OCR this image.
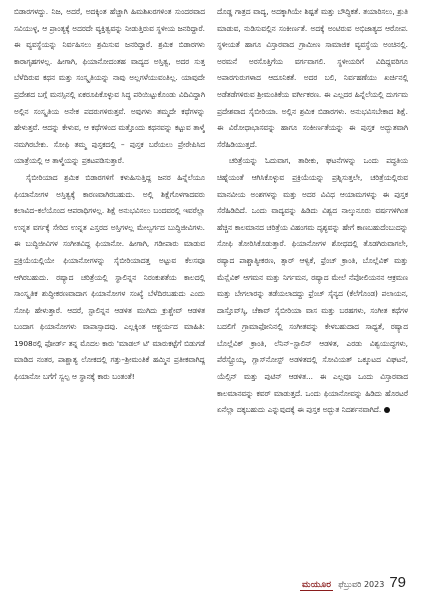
ಬಿಡಾರಗಳದ್ದು. ನಿಜ, ಅದರೆ, ಅದಕ್ಕಿಂತ ಹೆಚ್ಚಾಗಿ ಹಿಮಶಿಖರಗಳಿಂತ ಸುಂದರವಾದ ಸವಿಯುಳ್ಳ, ಆ ಪ್ರಾಂತ್ಯಕ್ಕೆ ಅದರದೇ ವ್ಯಕ್ತಿತ್ವವನ್ನು ನೀಡುತ್ತಿರುವ ಸ್ಥಳೀಯ ಜನರಿದ್ದಾರೆ. ಈ ವ್ಯವಸ್ಥೆಯನ್ನು ನಿರ್ವಹಿಸಲು ಶ್ರಮಿಸುವ ಜನರಿದ್ದಾರೆ. ಶ್ರಮಿಕ ಬಿಡಾರಗಳು ಕಾರಾಗೃಹಗಳಲ್ಲ. ಹೀಗಾಗಿ, ಫಿಯಾನೋದಂತಹ ವಾದ್ಯದ ಅಸ್ತಿತ್ವ, ಅದರ ಸುತ್ತ ಬೆಳೆದಿರುವ ಕಥನ ಮತ್ತು ಸಂಸ್ಕೃತಿಯನ್ನು ನಾವು ಅಲ್ಲಗಳೆಯುವಂತಿಲ್ಲ. ಯಾವುದೇ ಪ್ರದೇಶದ ಬಗ್ಗೆ ಮನಸ್ಸಿನಲ್ಲಿ ಏಕರೂಪಿಕೊಳ್ಳುವ ಸಿದ್ಧ ಪರಿಯಿಟ್ಟುಕೊಂಡು ವಿದಿವಿದ್ದಾಗಿ ಅಲ್ಲಿನ ಸಂಸ್ಕೃತಿಯ ಅನೇಕ ಪದರುಗಳಿರುತ್ತವೆ. ಅವುಗಳು ತಮ್ಮದೇ ಕಥೆಗಳನ್ನು ಹೇಳುತ್ತವೆ. ಆದನ್ನು ಕೇಳುವ, ಆ ಕಥೆಗಳಿಂದ ಮತ್ತೊಂದು ಕಥನವನ್ನು ಕಟ್ಟುವ ತಾಳ್ಮೆ ನಮಗಿರಬೇಕು. ಸೋಫಿ ತಮ್ಮ ಪುಸ್ತಕದಲ್ಲಿ – ಪುಸ್ತಕ ಬರೆಯಲು ಪ್ರೇರೇಪಿಸಿದ ಯಾತ್ರೆಯಲ್ಲಿ ಆ ತಾಳ್ಮೆಯನ್ನು ಪ್ರಕಟಪಡಿಸುತ್ತಾರೆ.

ಸೈಬೀರಿಯಾದ ಶ್ರಮಿಕ ಬಿಡಾರಗಳಿಗೆ ಕಳುಹಿಸುತ್ತಿದ್ದ ಜನರ ಹಿನ್ನೆಲೆಯೂ ಫಿಯಾನೋಗಳ ಅಸ್ತಿತ್ವಕ್ಕೆ ಕಾರಣವಾಗಿರಬಹುದು. ಅಲ್ಲಿ ಶಿಕ್ಷೆಗೊಳಗಾದವರು ಕಲಾವಿದ–ಕಲೆಯೊಂದ ಆಪರಾಧಿಗಳಲ್ಲ. ಶಿಕ್ಷೆ ಅನುಭವಿಸಲು ಬಂದವರಲ್ಲಿ ಇವರೆಲ್ಲಾ ಉನ್ನತ ವರ್ಗಕ್ಕೆ ಸೇರಿದ ಉನ್ನತ ಎಸ್ತರದ ಅಸ್ತಿಗಳಲ್ಲ ಮೇಲ್ವರ್ಗದ ಬುದ್ಧಿಜೀವಿಗಳು. ಈ ಬುದ್ಧಿಜೀವಿಗಳ ಸಂಗೀತವಿದ್ದ ಫಿಯಾನೋ. ಹೀಗಾಗಿ, ಗಡೀಪಾರು ಮಾಡುವ ಪ್ರಕ್ರಿಯೆಯಲ್ಲಿಯೇ ಫಿಯಾನೋಗಳನ್ನು ಸೈಬೀರಿಯಾದತ್ತ ಅಟ್ಟುವ ಕೆಲಸವೂ ಆಗಿರಬಹುದು. ರಷ್ಯಾದ ಚರಿತ್ರೆಯಲ್ಲಿ ಸ್ಥಾಲಿನ್ನನ ನಿರಂಕುಶತೆಯ ಕಾಲದಲ್ಲಿ ಸಾಂಸ್ಕೃತಿಕ ಶುದ್ಧೀಕರಣವಾದಾಗ ಫಿಯಾನೋಗಳ ಸಂಖ್ಯೆ ಬೆಳೆದಿರಬಹುದು ಎಂದು ಸೋಫಿ ಹೇಳುತ್ತಾರೆ. ಆದರೆ, ಸ್ಟಾಲಿನ್ನನ ಆಡಳಿತ ಮುಗಿದು ಕ್ರುಶ್ಚೇವ್ ಆಡಳಿತ ಬಂದಾಗ ಫಿಯಾನೋಗಳು ವಾಪಾಸ್ಸಾದವು. ಎಲ್ಲಕ್ಕಿಂತ ಆಶ್ಚರ್ಯದ ಮಾಹಿತಿ: 1908ರಲ್ಲಿ ಫೋರ್ಡ್‌ ತನ್ನ ಮೊದಲ ಕಾರು 'ಮಾಡಲ್ ಟಿ' ಮಾರುಕಟ್ಟೆಗೆ ಬಿಡುಗಡೆ ಮಾಡಿದ ನಂತರ, ಪಾಶ್ಚಾತ್ಯ ಲೋಕದಲ್ಲಿ ಗತ್ತು–ಶ್ರೀಮಂತಿಕೆ ಹಮ್ಮಿನ ಪ್ರತೀಕವಾಗಿದ್ದ ಫಿಯಾನೋ ಬಗೆಗೆ ಸ್ವಲ್ಪ ಆ ಸ್ಥಾನಕ್ಕೆ ಕಾರು ಬಂತಂತೆ!

ದೊಡ್ಡ ಗಾತ್ರದ ವಾದ್ಯ, ಅದಕ್ಕಾಗಿಯೇ ಶಿಷ್ಟತೆ ಮತ್ತು ಬೌದ್ಧಿಕತೆ. ತಯಾರಿಸಲು, ಶ್ರುತಿ ಮಾಡುವ, ನುಡಿಸುವಲ್ಲಿನ ಸಂಕೀರ್ಣತೆ. ಅದಕ್ಕೆ ಅಂಟಿರುವ ಅಭಿಜಾತ್ಯದ ಆರೋಪ. ಸ್ಥಳೀಯತೆ ಹಾಗೂ ವಿಸ್ತಾರವಾದ ಗ್ರಾಮೀಣ ಸಾಮಾಜಿಕ ವ್ಯವಸ್ಥೆಯ ಅಂಚಿನಲ್ಲಿ. ಅರಮನೆ ಅರಸೊತ್ತಿಗೆಯ ವರ್ಗವಾಗಲಿ. ಸ್ಥಳೀಯರಿಗೆ ವಿದಿದ್ದವರಿಗೂ ಅಪಾರಗುರುಗಳಾದ ಆದೂನಿಕತೆ. ಅದರ ಬಲಿ, ನಿರ್ವಹಣೆಯು ಖರ್ಚಿನಲ್ಲಿ ಅಡೆತಡೆಗಳಿರುವ ಶ್ರೀಮಂತಿಕೆಯ ವರ್ಗೀಕರಣ. ಈ ಎಲ್ಲದರ ಹಿನ್ನೆಲೆಯಲ್ಲಿ ದುರ್ಗಮ ಪ್ರದೇಶವಾದ ಸೈಬೀರಿಯಾ. ಅಲ್ಲಿನ ಶ್ರಮಿಕ ಬಿಡಾರಗಳು. ಅನುಭವಿಸಬೇಕಾದ ಶಿಕ್ಷೆ. ಈ ವಿರೋಧಾಭಾಸವನ್ನು ಹಾಗೂ ಸಂಕೀರ್ಣತೆಯನ್ನು ಈ ಪುಸ್ತಕ ಅದ್ಭುತವಾಗಿ ಸೆರೆಹಿಡಿಯುತ್ತದೆ.

ಚರಿತ್ರೆಯನ್ನು ಓದುವಾಗ, ತಾರೀಕು, ಘಟನೆಗಳನ್ನು ಒಂದು ಪದ್ಧತಿಯ ಚಿಹ್ನೆಯಂತೆ ಆಗಿಸಿಕೊಳ್ಳುವ ಪ್ರಕ್ರಿಯೆಯನ್ನು ಪ್ರಶ್ನಿಸುತ್ತಲೇ, ಚರಿತ್ರೆಯಲ್ಲಿರುವ ಮಾನವೀಯ ಅಂಶಗಳನ್ನು ಮತ್ತು ಅದರ ವಿವಿಧ ಆಯಾಮಗಳನ್ನು ಈ ಪುಸ್ತಕ ಸೆರೆಹಿಡಿದಿದೆ. ಒಂದು ವಾದ್ಯವನ್ನು ಹಿಡಿದು ವಿಶ್ವದ ನಾಲ್ಕುನೂರು ವರ್ಷಗಳಿಗಿಂತ ಹೆಚ್ಚಿನ ಕಾಲಮಾನದ ಚರಿತ್ರೆಯ ವಿಹಂಗಮ ದೃಶ್ಯವನ್ನು ಹೇಗೆ ಕಾಣಬಹುದೆಂಬುದನ್ನು ಸೋಫಿ ತೋರಿಸಿಕೊಡುತ್ತಾರೆ. ಫಿಯಾನೋಗಳ ಶೋಧದಲ್ಲಿ ತೊಡಗಿರುವಾಗಲೇ, ರಷ್ಯಾದ ಪಾಶ್ಚಾತ್ಯೀಕರಣ, ತ್ಸಾರ್ ಆಳ್ವಿಕೆ, ಫ್ರೆಂಚ್ ಕ್ರಾಂತಿ, ಬೊಲ್ಲೆವಿಕ್ ಮತ್ತು ಮೆನ್ಷೆವಿಕ್ ಆಗಮನ ಮತ್ತು ನಿರ್ಗಮನ, ರಷ್ಯಾದ ಮೇಲೆ ನೆಪೋಲಿಯನನ ಆಕ್ರಮಣ ಮತ್ತು ಬೇಗಲಾರನ್ನು ತಡೆಯಲಾದದ್ದು ಫ್ರೆಂಚ್ ಸೈನ್ಯದ (ಕೆಲೆಗೊಂಡ) ಪಲಾಯನ, ದಾಸ್ತೊವ್‌ಸ್ಕಿ, ಚೆಕಾವ್ ಸೈಬೀರಿಯಾ ವಾಸ ಮತ್ತು ಬರಹಗಳು, ಸಂಗೀತ ಕಥೆಗಳ ಬದಲಿಗೆ ಗ್ರಾಮಾಫೋನಿನಲ್ಲಿ ಸಂಗೀತವನ್ನು ಕೇಳಬಹುದಾದ ಸಾಧ್ಯತೆ, ರಷ್ಯಾದ ಬೊಲ್ಲೆವಿಕ್ ಕ್ರಾಂತಿ, ಲೆನಿನ್–ಸ್ಟಾಲಿನ್ ಆಡಳಿತ, ಎರಡು ವಿಶ್ವಯುದ್ಧಗಳು, ಪೆರೆಸ್ಟ್ರೊಯ್ಕ, ಗ್ಲಾಸ್‌ನೋಸ್ಟ್ ಅಡಳಿತದಲ್ಲಿ ಸೋವಿಯತ್ ಒಕ್ಕೂಟದ ವಿಘಟನೆ, ಯೆಲ್ಸಿನ್ ಮತ್ತು ಪುಟಿನ್ ಆಡಳಿತ... ಈ ಎಲ್ಲವೂ ಒಂದು ವಿಸ್ತಾರವಾದ ಕಾಲಮಾನವನ್ನು ಕವರ್ ಮಾಡುತ್ತದೆ. ಒಂದು ಫಿಯಾನೋವನ್ನು ಹಿಡಿದು ಹೊರಟರೆ ಏನೆಲ್ಲಾ ದಕ್ಕಬಹುದು ಎನ್ನುವುದಕ್ಕೆ ಈ ಪುಸ್ತಕ ಅದ್ಭುತ ನಿದರ್ಶನವಾಗಿದೆ.

ಮಯೂರ ಫೆಬ್ರುವರಿ 2023 79
